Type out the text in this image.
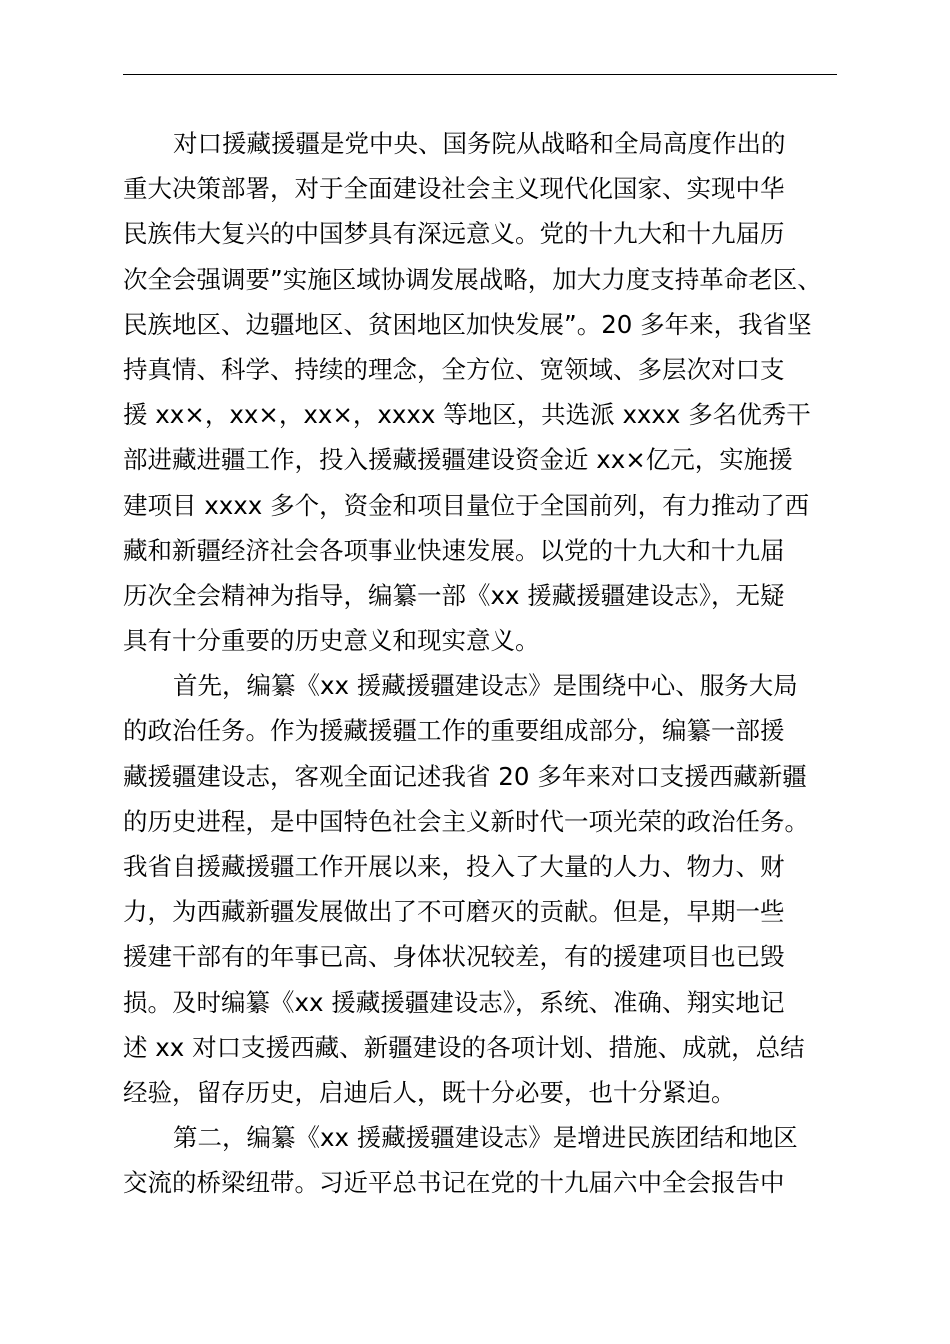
对口援藏援疆是党中央、国务院从战略和全局高度作出的
重大决策部署，对于全面建设社会主义现代化国家、实现中华
民族伟大复兴的中国梦具有深远意义。党的十九大和十九届历
次全会强调要”实施区域协调发展战略，加大力度支持革命老区、
民族地区、边疆地区、贫困地区加快发展”。20 多年来，我省坚
持真情、科学、持续的理念，全方位、宽领域、多层次对口支
援 xx×，xx×，xx×，xxxx 等地区，共选派 xxxx 多名优秀干
部进藏进疆工作，投入援藏援疆建设资金近 xx×亿元，实施援
建项目 xxxx 多个，资金和项目量位于全国前列，有力推动了西
藏和新疆经济社会各项事业快速发展。以党的十九大和十九届
历次全会精神为指导，编纂一部《xx 援藏援疆建设志》，无疑
具有十分重要的历史意义和现实意义。
首先，编纂《xx 援藏援疆建设志》是围绕中心、服务大局
的政治任务。作为援藏援疆工作的重要组成部分，编纂一部援
藏援疆建设志，客观全面记述我省 20 多年来对口支援西藏新疆
的历史进程，是中国特色社会主义新时代一项光荣的政治任务。
我省自援藏援疆工作开展以来，投入了大量的人力、物力、财
力，为西藏新疆发展做出了不可磨灭的贡献。但是，早期一些
援建干部有的年事已高、身体状况较差，有的援建项目也已毁
损。及时编纂《xx 援藏援疆建设志》，系统、准确、翔实地记
述 xx 对口支援西藏、新疆建设的各项计划、措施、成就，总结
经验，留存历史，启迪后人，既十分必要，也十分紧迫。
第二，编纂《xx 援藏援疆建设志》是增进民族团结和地区
交流的桥梁纽带。习近平总书记在党的十九届六中全会报告中
